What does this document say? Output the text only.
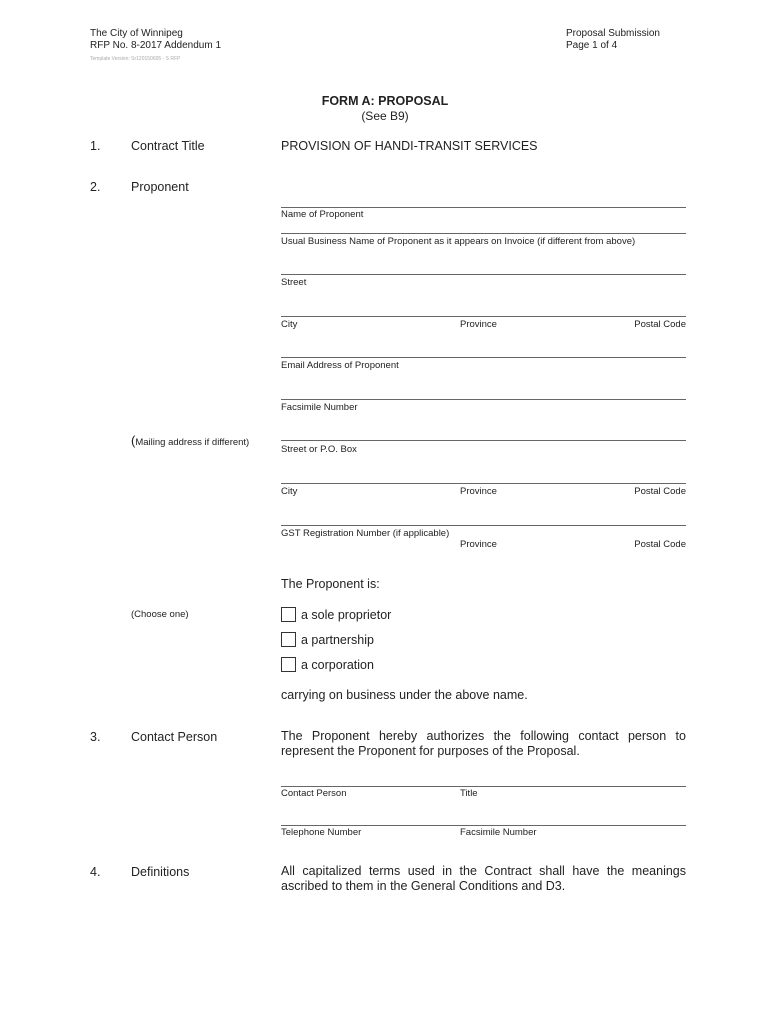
The City of Winnipeg
RFP No. 8-2017 Addendum 1
Template Version: Sr120150605 - S RFP
Proposal Submission
Page 1 of 4
FORM A: PROPOSAL
(See B9)
1. Contract Title	PROVISION OF HANDI-TRANSIT SERVICES
2. Proponent
Name of Proponent
Usual Business Name of Proponent as it appears on Invoice (if different from above)
Street
City	Province	Postal Code
Email Address of Proponent
Facsimile Number
(Mailing address if different)
Street or P.O. Box
City	Province	Postal Code
GST Registration Number (if applicable)
Province	Postal Code
The Proponent is:
(Choose one)	a sole proprietor
a partnership
a corporation
carrying on business under the above name.
3. Contact Person	The Proponent hereby authorizes the following contact person to represent the Proponent for purposes of the Proposal.
Contact Person	Title
Telephone Number	Facsimile Number
4. Definitions	All capitalized terms used in the Contract shall have the meanings ascribed to them in the General Conditions and D3.
